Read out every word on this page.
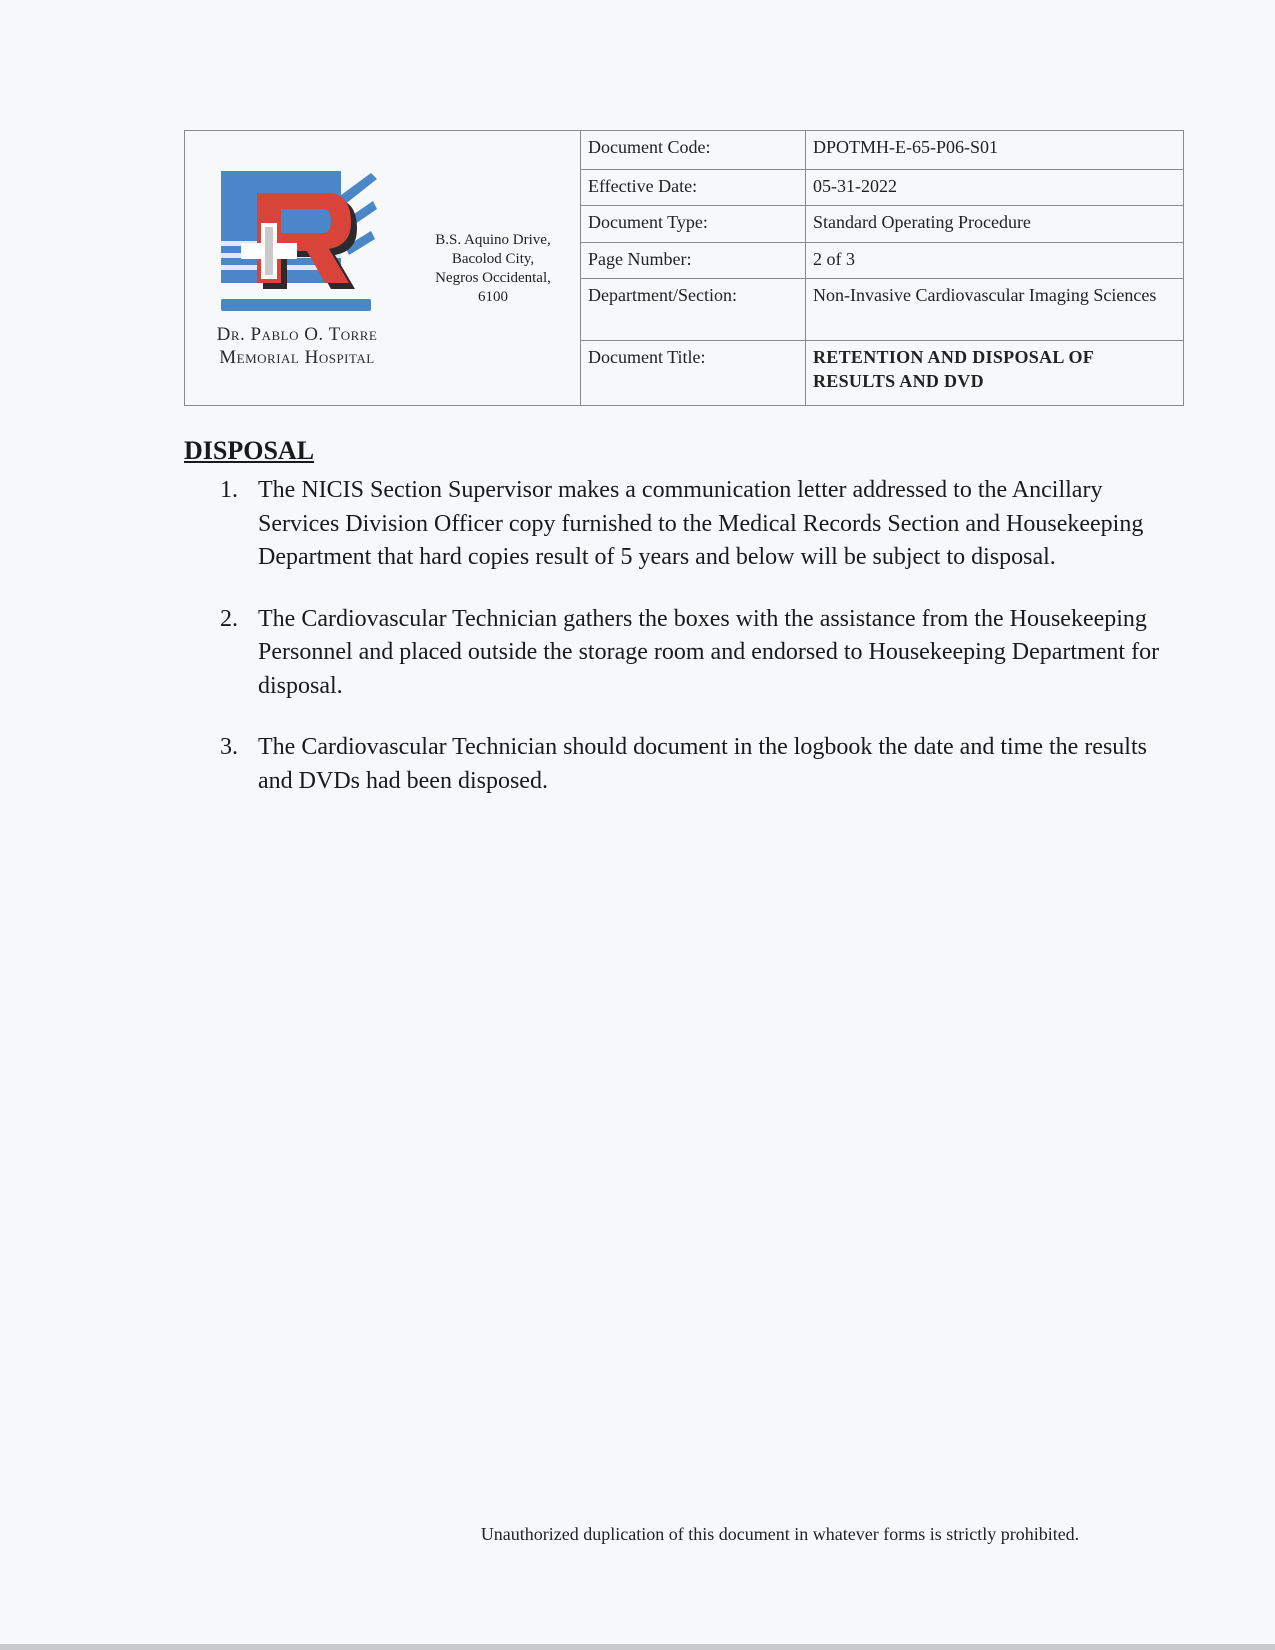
Dr. Pablo O. Torre
Memorial Hospital
B.S. Aquino Drive,
Bacolod City,
Negros Occidental,
6100
Document Code:	DPOTMH-E-65-P06-S01
Effective Date:	05-31-2022
Document Type:	Standard Operating Procedure
Page Number:	2 of 3
Department/Section:	Non-Invasive Cardiovascular Imaging Sciences
Document Title:	RETENTION AND DISPOSAL OF RESULTS AND DVD
DISPOSAL
1. The NICIS Section Supervisor makes a communication letter addressed to the Ancillary Services Division Officer copy furnished to the Medical Records Section and Housekeeping Department that hard copies result of 5 years and below will be subject to disposal.
2. The Cardiovascular Technician gathers the boxes with the assistance from the Housekeeping Personnel and placed outside the storage room and endorsed to Housekeeping Department for disposal.
3. The Cardiovascular Technician should document in the logbook the date and time the results and DVDs had been disposed.
Unauthorized duplication of this document in whatever forms is strictly prohibited.
